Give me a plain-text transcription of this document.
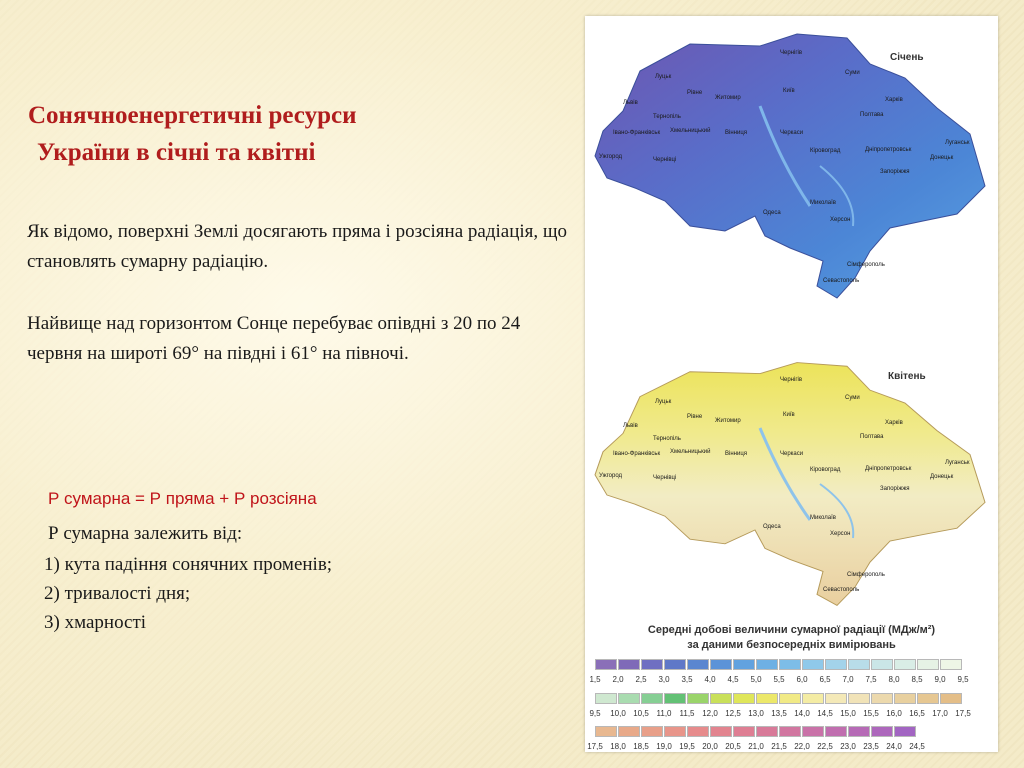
Сонячноенергетичні ресурси
України в січні та квітні
Як відомо, поверхні Землі досягають пряма і розсіяна радіація, що становлять сумарну радіацію.
Найвище над горизонтом Сонце перебуває опівдні з 20 по 24 червня на широті 69° на півдні і 61° на півночі.
Р сумарна = Р пряма + Р розсіяна
Р сумарна залежить від:
1) кута падіння сонячних променів;
2) тривалості дня;
3) хмарності
Чернігів
Суми
Харків
Луцьк
Рівне
Житомир
Київ
Львів
Тернопіль
Хмельницький Вінниця
Полтава
Івано-Франківськ	Черкаси
Луганськ
Ужгород	Чернівці
Кіровоград	Дніпропетровськ
Донецьк
Запоріжжя
Миколаїв
Одеса
Херсон
Сімферополь
Севастополь
Січень
Чернігів
Суми
Харків
Луцьк
Рівне
Житомир
Київ
Львів
Тернопіль
Хмельницький Вінниця
Полтава
Івано-Франківськ	Черкаси
Луганськ
Ужгород	Чернівці
Кіровоград	Дніпропетровськ
Донецьк
Запоріжжя
Миколаїв
Одеса
Херсон
Сімферополь
Севастополь
Квітень
Середні добові величини сумарної радіації (МДж/м²)
за даними безпосередніх вимірювань
1,5 2,0 2,5 3,0 3,5 4,0 4,5 5,0 5,5 6,0 6,5 7,0 7,5 8,0 8,5 9,0 9,5
9,5 10,0 10,5 11,0 11,5 12,0 12,5 13,0 13,5 14,0 14,5 15,0 15,5 16,0 16,5 17,0 17,5
17,5 18,0 18,5 19,0 19,5 20,0 20,5 21,0 21,5 22,0 22,5 23,0 23,5 24,0 24,5
